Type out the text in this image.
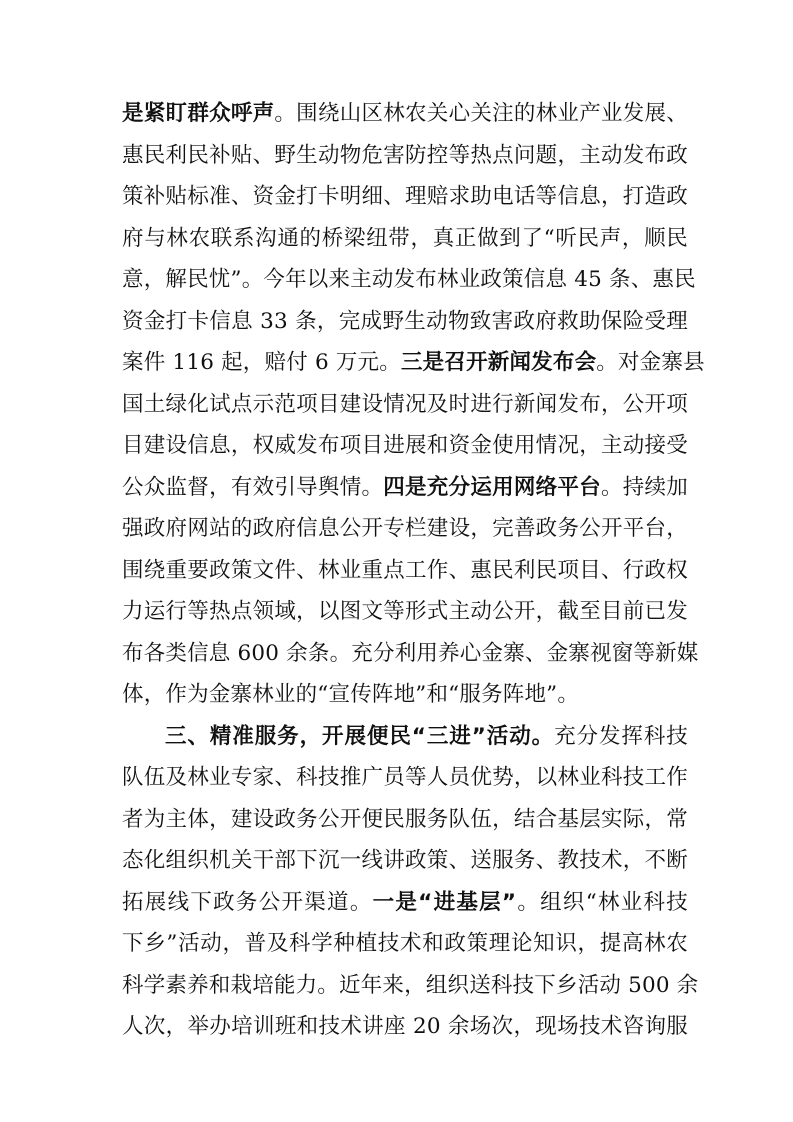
是紧盯群众呼声。围绕山区林农关心关注的林业产业发展、
惠民利民补贴、野生动物危害防控等热点问题，主动发布政
策补贴标准、资金打卡明细、理赔求助电话等信息，打造政
府与林农联系沟通的桥梁纽带，真正做到了“听民声，顺民
意，解民忧”。今年以来主动发布林业政策信息 45 条、惠民
资金打卡信息 33 条，完成野生动物致害政府救助保险受理
案件 116 起，赔付 6 万元。三是召开新闻发布会。对金寨县
国土绿化试点示范项目建设情况及时进行新闻发布，公开项
目建设信息，权威发布项目进展和资金使用情况，主动接受
公众监督，有效引导舆情。四是充分运用网络平台。持续加
强政府网站的政府信息公开专栏建设，完善政务公开平台，
围绕重要政策文件、林业重点工作、惠民利民项目、行政权
力运行等热点领域，以图文等形式主动公开，截至目前已发
布各类信息 600 余条。充分利用养心金寨、金寨视窗等新媒
体，作为金寨林业的“宣传阵地”和“服务阵地”。
三、精准服务，开展便民“三进”活动。充分发挥科技
队伍及林业专家、科技推广员等人员优势，以林业科技工作
者为主体，建设政务公开便民服务队伍，结合基层实际，常
态化组织机关干部下沉一线讲政策、送服务、教技术，不断
拓展线下政务公开渠道。一是“进基层”。组织“林业科技
下乡”活动，普及科学种植技术和政策理论知识，提高林农
科学素养和栽培能力。近年来，组织送科技下乡活动 500 余
人次，举办培训班和技术讲座 20 余场次，现场技术咨询服
